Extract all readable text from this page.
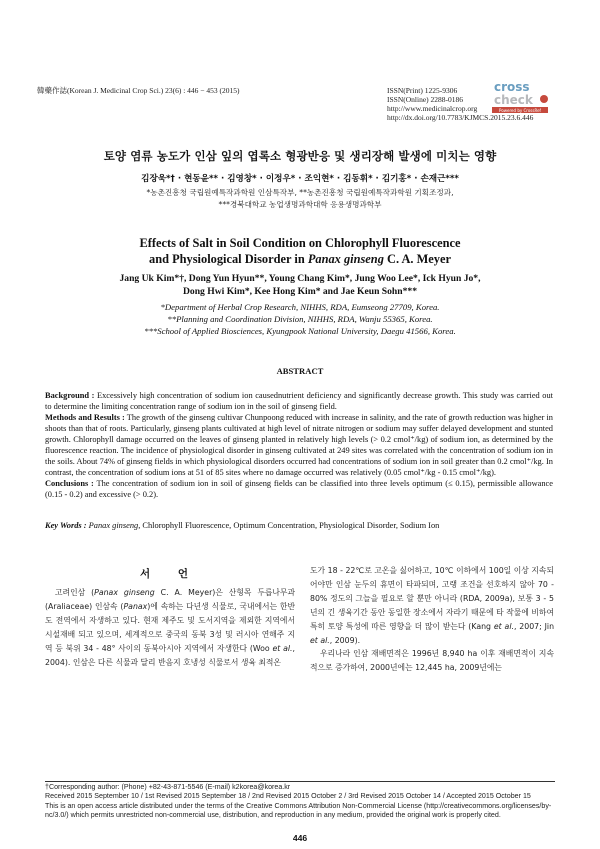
韓藥作誌(Korean J. Medicinal Crop Sci.) 23(6) : 446 − 453 (2015)	ISSN(Print) 1225-9306
ISSN(Online) 2288-0186
http://www.medicinalcrop.org
http://dx.doi.org/10.7783/KJMCS.2015.23.6.446
cross
check
Powered by CrossRef
토양 염류 농도가 인삼 잎의 엽록소 형광반응 및 생리장해 발생에 미치는 영향
김장욱*† · 현동윤** · 김영창* · 이정우* · 조익현* · 김동휘* · 김기홍* · 손재근***
*농촌진흥청 국립원예특작과학원 인삼특작부, **농촌진흥청 국립원예특작과학원 기획조정과,
***경북대학교 농업생명과학대학 응용생명과학부
Effects of Salt in Soil Condition on Chlorophyll Fluorescence
and Physiological Disorder in Panax ginseng C. A. Meyer
Jang Uk Kim*†, Dong Yun Hyun**, Young Chang Kim*, Jung Woo Lee*, Ick Hyun Jo*,
Dong Hwi Kim*, Kee Hong Kim* and Jae Keun Sohn***
*Department of Herbal Crop Research, NIHHS, RDA, Eumseong 27709, Korea.
**Planning and Coordination Division, NIHHS, RDA, Wanju 55365, Korea.
***School of Applied Biosciences, Kyungpook National University, Daegu 41566, Korea.
ABSTRACT

Background : Excessively high concentration of sodium ion causednutrient deficiency and significantly decrease growth. This study was carried out to determine the limiting concentration range of sodium ion in the soil of ginseng field.

Methods and Results : The growth of the ginseng cultivar Chunpoong reduced with increase in salinity, and the rate of growth reduction was higher in shoots than that of roots. Particularly, ginseng plants cultivated at high level of nitrate nitrogen or sodium may suffer delayed development and stunted growth. Chlorophyll damage occurred on the leaves of ginseng planted in relatively high levels (> 0.2 cmol⁺/kg) of sodium ion, as determined by the fluorescence reaction. The incidence of physiological disorder in ginseng cultivated at 249 sites was correlated with the concentration of sodium ion in the soils. About 74% of ginseng fields in which physiological disorders occurred had concentrations of sodium ion in soil greater than 0.2 cmol⁺/kg. In contrast, the concentration of sodium ions at 51 of 85 sites where no damage occurred was relatively (0.05 cmol⁺/kg - 0.15 cmol⁺/kg).

Conclusions : The concentration of sodium ion in soil of ginseng fields can be classified into three levels optimum (≤ 0.15), permissible allowance (0.15 - 0.2) and excessive (> 0.2).

Key Words : Panax ginseng, Chlorophyll Fluorescence, Optimum Concentration, Physiological Disorder, Sodium Ion
서 언
고려인삼 (Panax ginseng C. A. Meyer)은 산형목 두릅나무과 (Araliaceae) 인삼속 (Panax)에 속하는 다년생 식물로, 국내에서는 한반도 전역에서 자생하고 있다. 현재 제주도 및 도서지역을 제외한 지역에서 시설재배 되고 있으며, 세계적으로 중국의 동북 3성 및 러시아 연해주 지역 등 북위 34 - 48° 사이의 동북아시아 지역에서 자생한다 (Woo et al., 2004). 인삼은 다른 식물과 달리 반음지 호냉성 식물로서 생육 최적온

도가 18 - 22℃로 고온을 싫어하고, 10℃ 이하에서 100일 이상 지속되어야만 인삼 눈두의 휴면이 타파되며, 고랭 조건을 선호하지 않아 70 - 80% 정도의 그늘을 필요로 할 뿐만 아니라 (RDA, 2009a), 보통 3 - 5년의 긴 생육기간 동안 동일한 장소에서 자라기 때문에 타 작물에 비하여 특히 토양 특성에 따른 영향을 더 많이 받는다 (Kang et al., 2007; Jin et al., 2009).

우리나라 인삼 재배면적은 1996년 8,940 ha 이후 재배면적이 지속적으로 증가하여, 2000년에는 12,445 ha, 2009년에는

†Corresponding author: (Phone) +82-43-871-5546 (E-mail) k2korea@korea.kr

Received 2015 September 10 / 1st Revised 2015 September 18 / 2nd Revised 2015 October 2 / 3rd Revised 2015 October 14 / Accepted 2015 October 15

This is an open access article distributed under the terms of the Creative Commons Attribution Non-Commercial License (http://creativecommons.org/licenses/by-nc/3.0/) which permits unrestricted non-commercial use, distribution, and reproduction in any medium, provided the original work is properly cited.

446
